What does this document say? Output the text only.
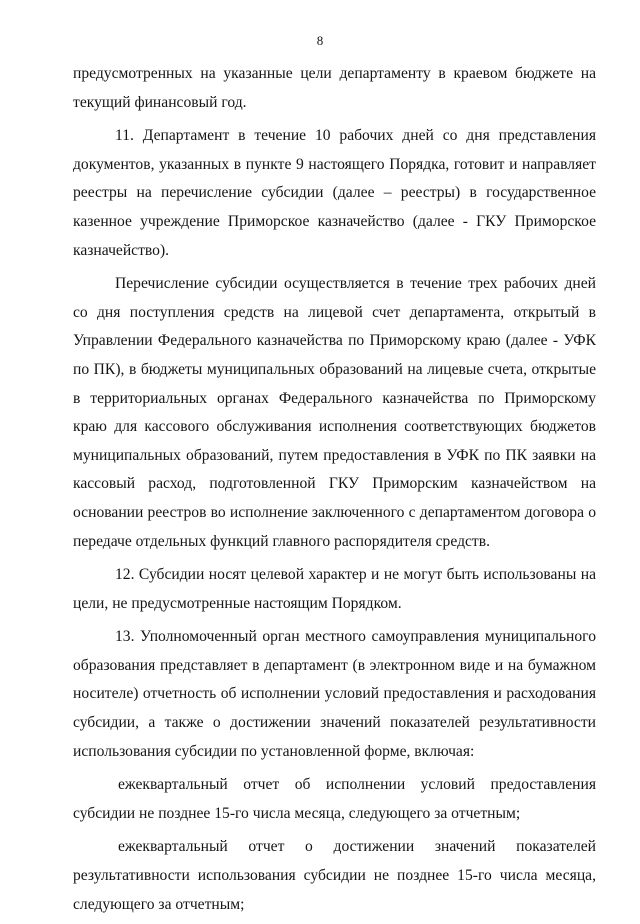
8

предусмотренных на указанные цели департаменту в краевом бюджете на текущий финансовый год.

11. Департамент в течение 10 рабочих дней со дня представления документов, указанных в пункте 9 настоящего Порядка, готовит и направляет реестры на перечисление субсидии (далее – реестры) в государственное казенное учреждение Приморское казначейство (далее - ГКУ Приморское казначейство).

Перечисление субсидии осуществляется в течение трех рабочих дней со дня поступления средств на лицевой счет департамента, открытый в Управлении Федерального казначейства по Приморскому краю (далее - УФК по ПК), в бюджеты муниципальных образований на лицевые счета, открытые в территориальных органах Федерального казначейства по Приморскому краю для кассового обслуживания исполнения соответствующих бюджетов муниципальных образований, путем предоставления в УФК по ПК заявки на кассовый расход, подготовленной ГКУ Приморским казначейством на основании реестров во исполнение заключенного с департаментом договора о передаче отдельных функций главного распорядителя средств.

12. Субсидии носят целевой характер и не могут быть использованы на цели, не предусмотренные настоящим Порядком.

13. Уполномоченный орган местного самоуправления муниципального образования представляет в департамент (в электронном виде и на бумажном носителе) отчетность об исполнении условий предоставления и расходования субсидии, а также о достижении значений показателей результативности использования субсидии по установленной форме, включая:

ежеквартальный отчет об исполнении условий предоставления субсидии не позднее 15-го числа месяца, следующего за отчетным;

ежеквартальный отчет о достижении значений показателей результативности использования субсидии не позднее 15-го числа месяца, следующего за отчетным;
